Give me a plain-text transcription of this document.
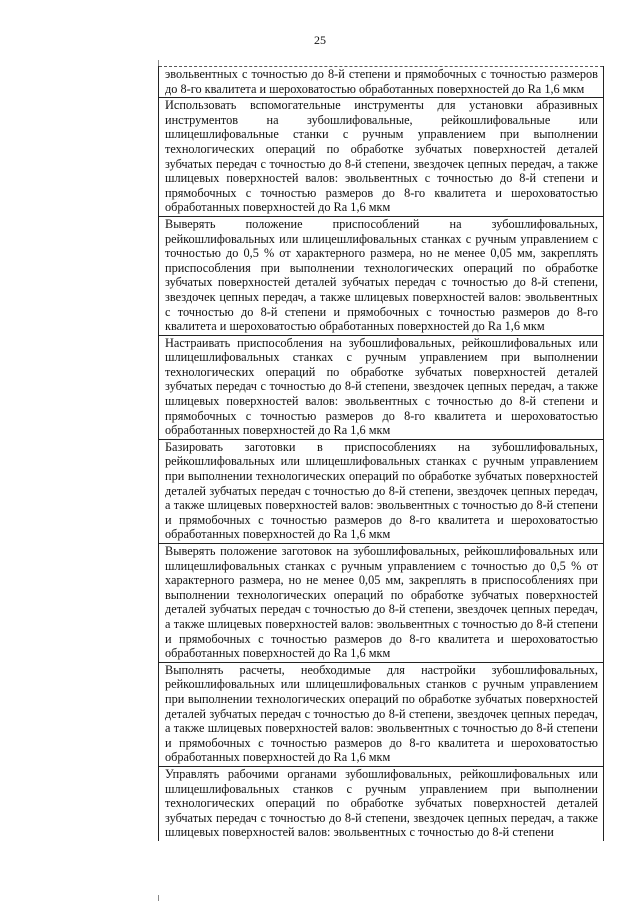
25
эвольвентных с точностью до 8-й степени и прямобочных с точностью размеров до 8-го квалитета и шероховатостью обработанных поверхностей до Ra 1,6 мкм
Использовать вспомогательные инструменты для установки абразивных инструментов на зубошлифовальные, рейкошлифовальные или шлицешлифовальные станки с ручным управлением при выполнении технологических операций по обработке зубчатых поверхностей деталей зубчатых передач с точностью до 8-й степени, звездочек цепных передач, а также шлицевых поверхностей валов: эвольвентных с точностью до 8-й степени и прямобочных с точностью размеров до 8-го квалитета и шероховатостью обработанных поверхностей до Ra 1,6 мкм
Выверять положение приспособлений на зубошлифовальных, рейкошлифовальных или шлицешлифовальных станках с ручным управлением с точностью до 0,5 % от характерного размера, но не менее 0,05 мм, закреплять приспособления при выполнении технологических операций по обработке зубчатых поверхностей деталей зубчатых передач с точностью до 8-й степени, звездочек цепных передач, а также шлицевых поверхностей валов: эвольвентных с точностью до 8-й степени и прямобочных с точностью размеров до 8-го квалитета и шероховатостью обработанных поверхностей до Ra 1,6 мкм
Настраивать приспособления на зубошлифовальных, рейкошлифовальных или шлицешлифовальных станках с ручным управлением при выполнении технологических операций по обработке зубчатых поверхностей деталей зубчатых передач с точностью до 8-й степени, звездочек цепных передач, а также шлицевых поверхностей валов: эвольвентных с точностью до 8-й степени и прямобочных с точностью размеров до 8-го квалитета и шероховатостью обработанных поверхностей до Ra 1,6 мкм
Базировать заготовки в приспособлениях на зубошлифовальных, рейкошлифовальных или шлицешлифовальных станках с ручным управлением при выполнении технологических операций по обработке зубчатых поверхностей деталей зубчатых передач с точностью до 8-й степени, звездочек цепных передач, а также шлицевых поверхностей валов: эвольвентных с точностью до 8-й степени и прямобочных с точностью размеров до 8-го квалитета и шероховатостью обработанных поверхностей до Ra 1,6 мкм
Выверять положение заготовок на зубошлифовальных, рейкошлифовальных или шлицешлифовальных станках с ручным управлением с точностью до 0,5 % от характерного размера, но не менее 0,05 мм, закреплять в приспособлениях при выполнении технологических операций по обработке зубчатых поверхностей деталей зубчатых передач с точностью до 8-й степени, звездочек цепных передач, а также шлицевых поверхностей валов: эвольвентных с точностью до 8-й степени и прямобочных с точностью размеров до 8-го квалитета и шероховатостью обработанных поверхностей до Ra 1,6 мкм
Выполнять расчеты, необходимые для настройки зубошлифовальных, рейкошлифовальных или шлицешлифовальных станков с ручным управлением при выполнении технологических операций по обработке зубчатых поверхностей деталей зубчатых передач с точностью до 8-й степени, звездочек цепных передач, а также шлицевых поверхностей валов: эвольвентных с точностью до 8-й степени и прямобочных с точностью размеров до 8-го квалитета и шероховатостью обработанных поверхностей до Ra 1,6 мкм
Управлять рабочими органами зубошлифовальных, рейкошлифовальных или шлицешлифовальных станков с ручным управлением при выполнении технологических операций по обработке зубчатых поверхностей деталей зубчатых передач с точностью до 8-й степени, звездочек цепных передач, а также шлицевых поверхностей валов: эвольвентных с точностью до 8-й степени
